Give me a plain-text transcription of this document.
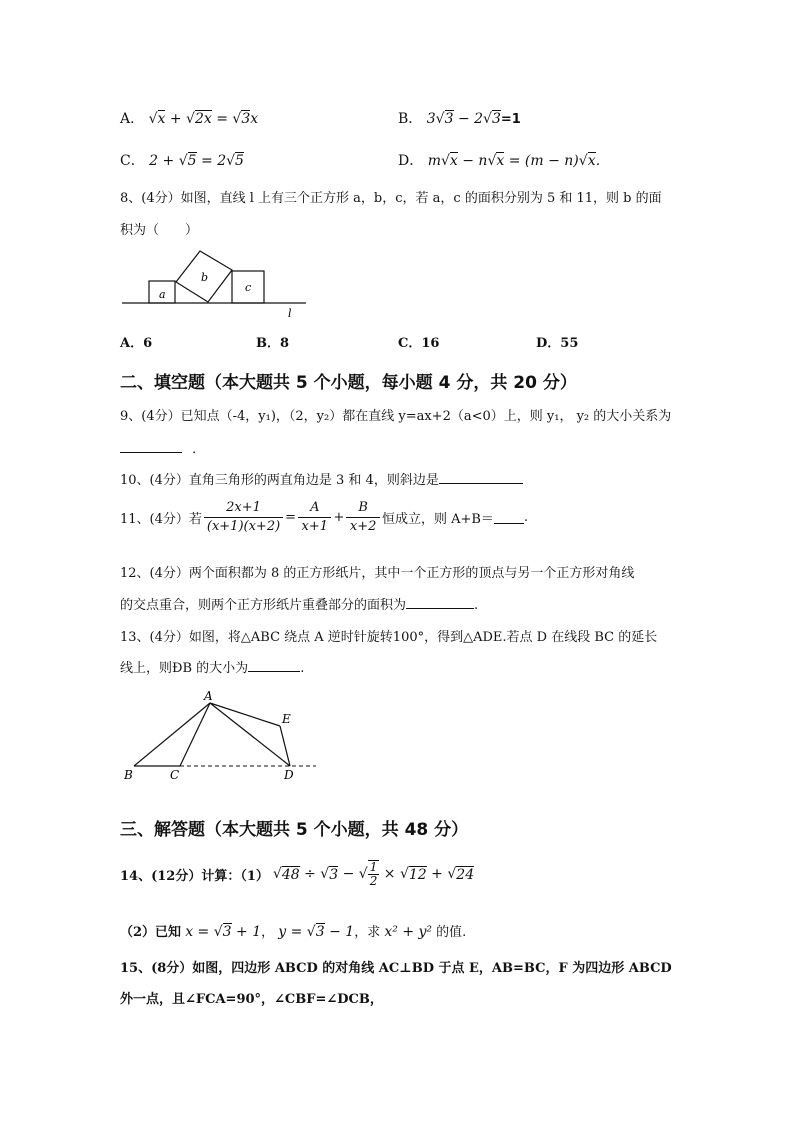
A． √x + √2x = √3x	B． 3√3 − 2√3=1
C． 2 + √5 = 2√5	D． m√x − n√x = (m − n)√x．
8、(4分）如图，直线 l 上有三个正方形 a，b，c，若 a，c 的面积分别为 5 和 11，则 b 的面
积为（　　）
a
b
c
l
A．6	B．8	C．16	D．55
二、填空题（本大题共 5 个小题，每小题 4 分，共 20 分）
9、(4分）已知点（-4，y₁)，（2，y₂）都在直线 y=ax+2（a<0）上，则 y₁， y₂ 的大小关系为
．
10、(4分）直角三角形的两直角边是 3 和 4，则斜边是
11、(4分）若 $\frac{2x+1}{(x+1)(x+2)} = \frac{A}{x+1} + \frac{B}{x+2}$ 恒成立，则 A+B＝ .
12、(4分）两个面积都为 8 的正方形纸片，其中一个正方形的顶点与另一个正方形对角线
的交点重合，则两个正方形纸片重叠部分的面积为	.
13、(4分）如图，将△ABC 绕点 A 逆时针旋转100°，得到△ADE.若点 D 在线段 BC 的延长
线上，则ÐB 的大小为	.
A
B	C	D
E
三、解答题（本大题共 5 个小题，共 48 分）
14、(12分）计算：（1） √ 48 ÷ √ 3 − √ 1
2 × √ 12 + √ 24
（2）已知 x = √3 + 1， y = √3 − 1，求 x² + y² 的值.
15、(8分）如图，四边形 ABCD 的对角线 AC⊥BD 于点 E，AB=BC，F 为四边形 ABCD
外一点，且∠FCA=90°，∠CBF=∠DCB，
